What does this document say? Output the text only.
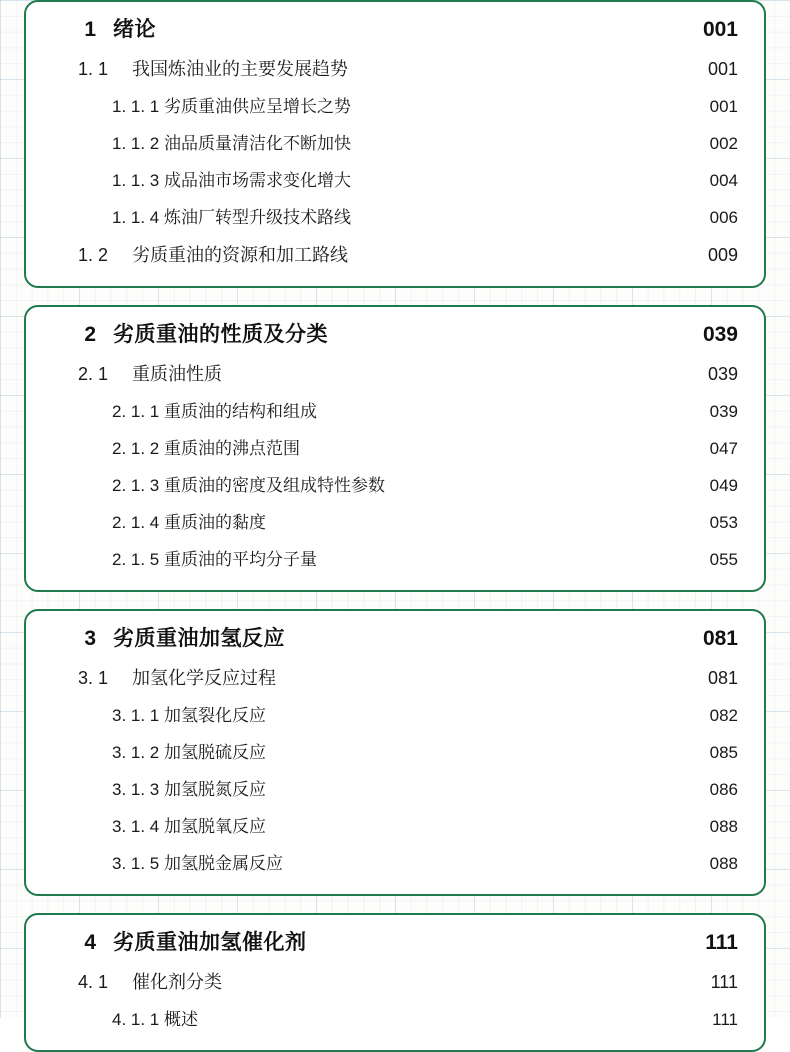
1 绪论	001
1. 1	我国炼油业的主要发展趋势	001
1. 1. 1 劣质重油供应呈增长之势	001
1. 1. 2 油品质量清洁化不断加快	002
1. 1. 3 成品油市场需求变化增大	004
1. 1. 4 炼油厂转型升级技术路线	006
1. 2	劣质重油的资源和加工路线	009
2 劣质重油的性质及分类	039
2. 1	重质油性质	039
2. 1. 1 重质油的结构和组成	039
2. 1. 2 重质油的沸点范围	047
2. 1. 3 重质油的密度及组成特性参数	049
2. 1. 4 重质油的黏度	053
2. 1. 5 重质油的平均分子量	055
3 劣质重油加氢反应	081
3. 1	加氢化学反应过程	081
3. 1. 1 加氢裂化反应	082
3. 1. 2 加氢脱硫反应	085
3. 1. 3 加氢脱氮反应	086
3. 1. 4 加氢脱氧反应	088
3. 1. 5 加氢脱金属反应	088
4 劣质重油加氢催化剂	111
4. 1	催化剂分类	111
4. 1. 1 概述	111
